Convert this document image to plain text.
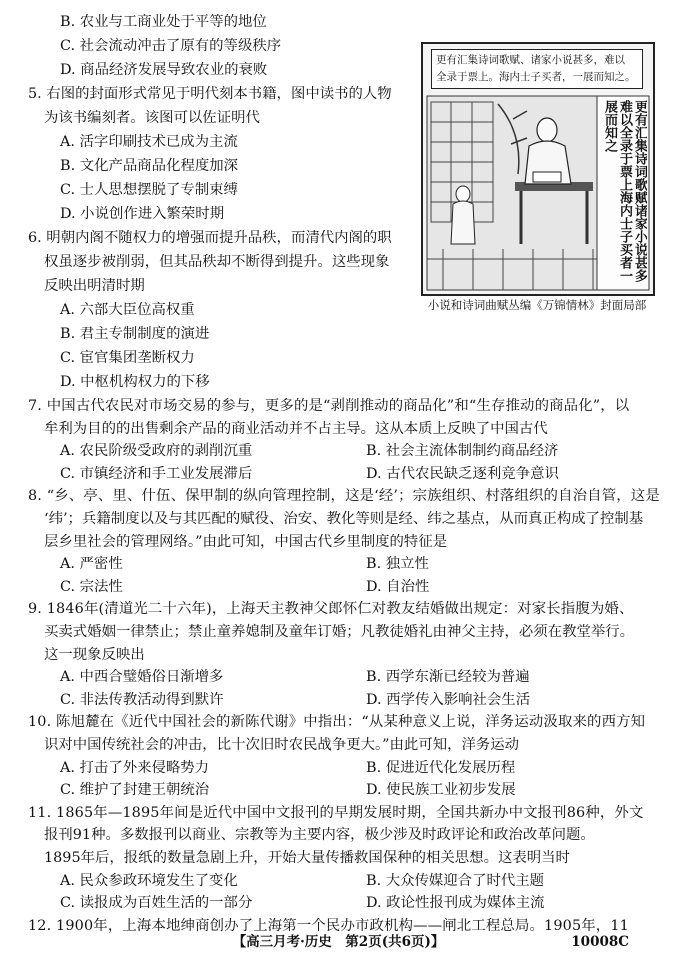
B. 农业与工商业处于平等的地位
C. 社会流动冲击了原有的等级秩序
D. 商品经济发展导致农业的衰败
5. 右图的封面形式常见于明代刻本书籍，图中读书的人物
为该书编刻者。该图可以佐证明代
A. 活字印刷技术已成为主流
B. 文化产品商品化程度加深
C. 士人思想摆脱了专制束缚
D. 小说创作进入繁荣时期
更有汇集诗词歌赋、诸家小说甚多，难以
全录于票上。海内士子买者，一展而知之。
更有汇集诗词歌赋诸家小说甚多难以全录于票上海内士子买者一展而知之
小说和诗词曲赋丛编《万锦情林》封面局部
6. 明朝内阁不随权力的增强而提升品秩，而清代内阁的职
权虽逐步被削弱，但其品秩却不断得到提升。这些现象
反映出明清时期
A. 六部大臣位高权重
B. 君主专制制度的演进
C. 宦官集团垄断权力
D. 中枢机构权力的下移
7. 中国古代农民对市场交易的参与，更多的是“剥削推动的商品化”和“生存推动的商品化”，以
牟利为目的的出售剩余产品的商业活动并不占主导。这从本质上反映了中国古代
A. 农民阶级受政府的剥削沉重	B. 社会主流体制制约商品经济
C. 市镇经济和手工业发展滞后	D. 古代农民缺乏逐利竞争意识
8. “乡、亭、里、什伍、保甲制的纵向管理控制，这是‘经’；宗族组织、村落组织的自治自管，这是
‘纬’；兵籍制度以及与其匹配的赋役、治安、教化等则是经、纬之基点，从而真正构成了控制基
层乡里社会的管理网络。”由此可知，中国古代乡里制度的特征是
A. 严密性	B. 独立性
C. 宗法性	D. 自治性
9. 1846年(清道光二十六年)，上海天主教神父郎怀仁对教友结婚做出规定：对家长指腹为婚、
买卖式婚姻一律禁止；禁止童养媳制及童年订婚；凡教徒婚礼由神父主持，必须在教堂举行。
这一现象反映出
A. 中西合璧婚俗日渐增多	B. 西学东渐已经较为普遍
C. 非法传教活动得到默许	D. 西学传入影响社会生活
10. 陈旭麓在《近代中国社会的新陈代谢》中指出：“从某种意义上说，洋务运动汲取来的西方知
识对中国传统社会的冲击，比十次旧时农民战争更大。”由此可知，洋务运动
A. 打击了外来侵略势力	B. 促进近代化发展历程
C. 维护了封建王朝统治	D. 使民族工业初步发展
11. 1865年—1895年间是近代中国中文报刊的早期发展时期，全国共新办中文报刊86种，外文
报刊91种。多数报刊以商业、宗教等为主要内容，极少涉及时政评论和政治改革问题。
1895年后，报纸的数量急剧上升，开始大量传播救国保种的相关思想。这表明当时
A. 民众参政环境发生了变化	B. 大众传媒迎合了时代主题
【高三月考·历史　第2页(共6页)】	10008C
C. 读报成为百姓生活的一部分	D. 政论性报刊成为媒体主流
12. 1900年，上海本地绅商创办了上海第一个民办市政机构——闸北工程总局。1905年，11
